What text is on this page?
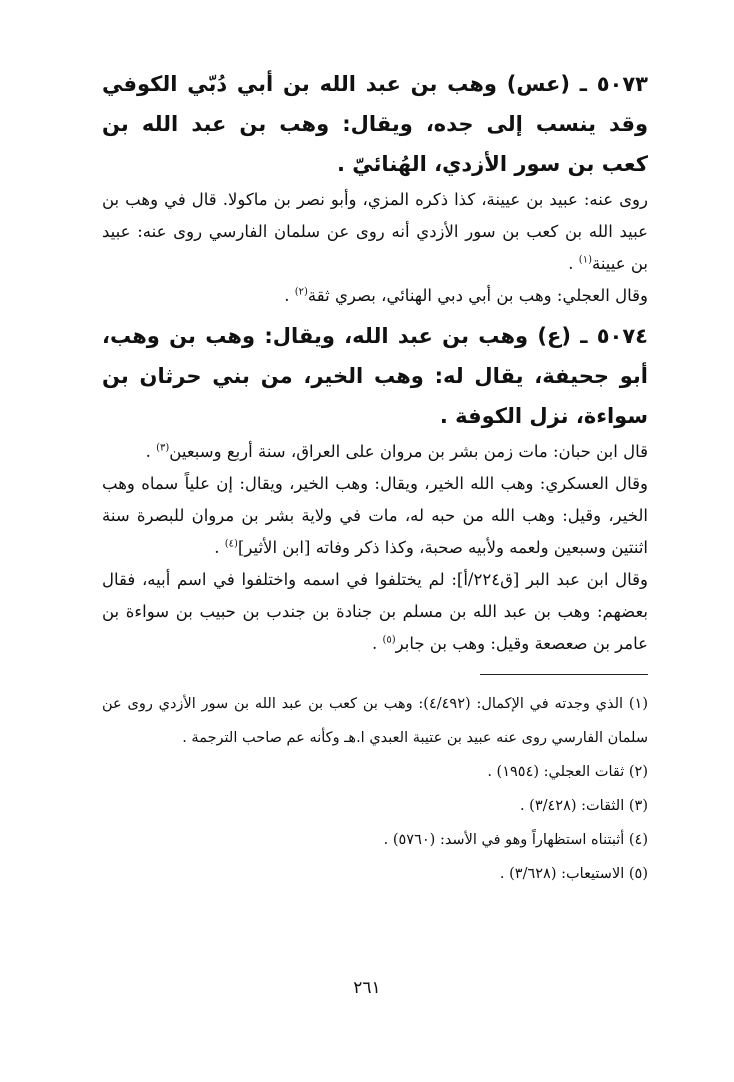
٥٠٧٣ ـ (عس) وهب بن عبد الله بن أبي دُبّي الكوفي وقد ينسب إلى جده، ويقال: وهب بن عبد الله بن كعب بن سور الأزدي، الهُنائيّ .

روى عنه: عبيد بن عيينة، كذا ذكره المزي، وأبو نصر بن ماكولا. قال في وهب بن عبيد الله بن كعب بن سور الأزدي أنه روى عن سلمان الفارسي روى عنه: عبيد بن عيينة$^{(١)}$ .

وقال العجلي: وهب بن أبي دبي الهنائي، بصري ثقة$^{(٢)}$ .

٥٠٧٤ ـ (ع) وهب بن عبد الله، ويقال: وهب بن وهب، أبو جحيفة، يقال له: وهب الخير، من بني حرثان بن سواءة، نزل الكوفة .

قال ابن حبان: مات زمن بشر بن مروان على العراق، سنة أربع وسبعين$^{(٣)}$ .

وقال العسكري: وهب الله الخير، ويقال: وهب الخير، ويقال: إن علياً سماه وهب الخير، وقيل: وهب الله من حبه له، مات في ولاية بشر بن مروان للبصرة سنة اثنتين وسبعين ولعمه ولأبيه صحبة، وكذا ذكر وفاته [ابن الأثير]$^{(٤)}$ .

وقال ابن عبد البر [ق٢٢٤/أ]: لم يختلفوا في اسمه واختلفوا في اسم أبيه، فقال بعضهم: وهب بن عبد الله بن مسلم بن جنادة بن جندب بن حبيب بن سواءة بن عامر بن صعصعة وقيل: وهب بن جابر$^{(٥)}$ .

(١) الذي وجدته في الإكمال: (٤/٤٩٢): وهب بن كعب بن عبد الله بن سور الأزدي روى عن سلمان الفارسي روى عنه عبيد بن عتيبة العبدي ا.هـ وكأنه عم صاحب الترجمة .

(٢) ثقات العجلي: (١٩٥٤) .

(٣) الثقات: (٣/٤٢٨) .

(٤) أثبتناه استظهاراً وهو في الأسد: (٥٧٦٠) .

(٥) الاستيعاب: (٣/٦٢٨) .

٢٦١
